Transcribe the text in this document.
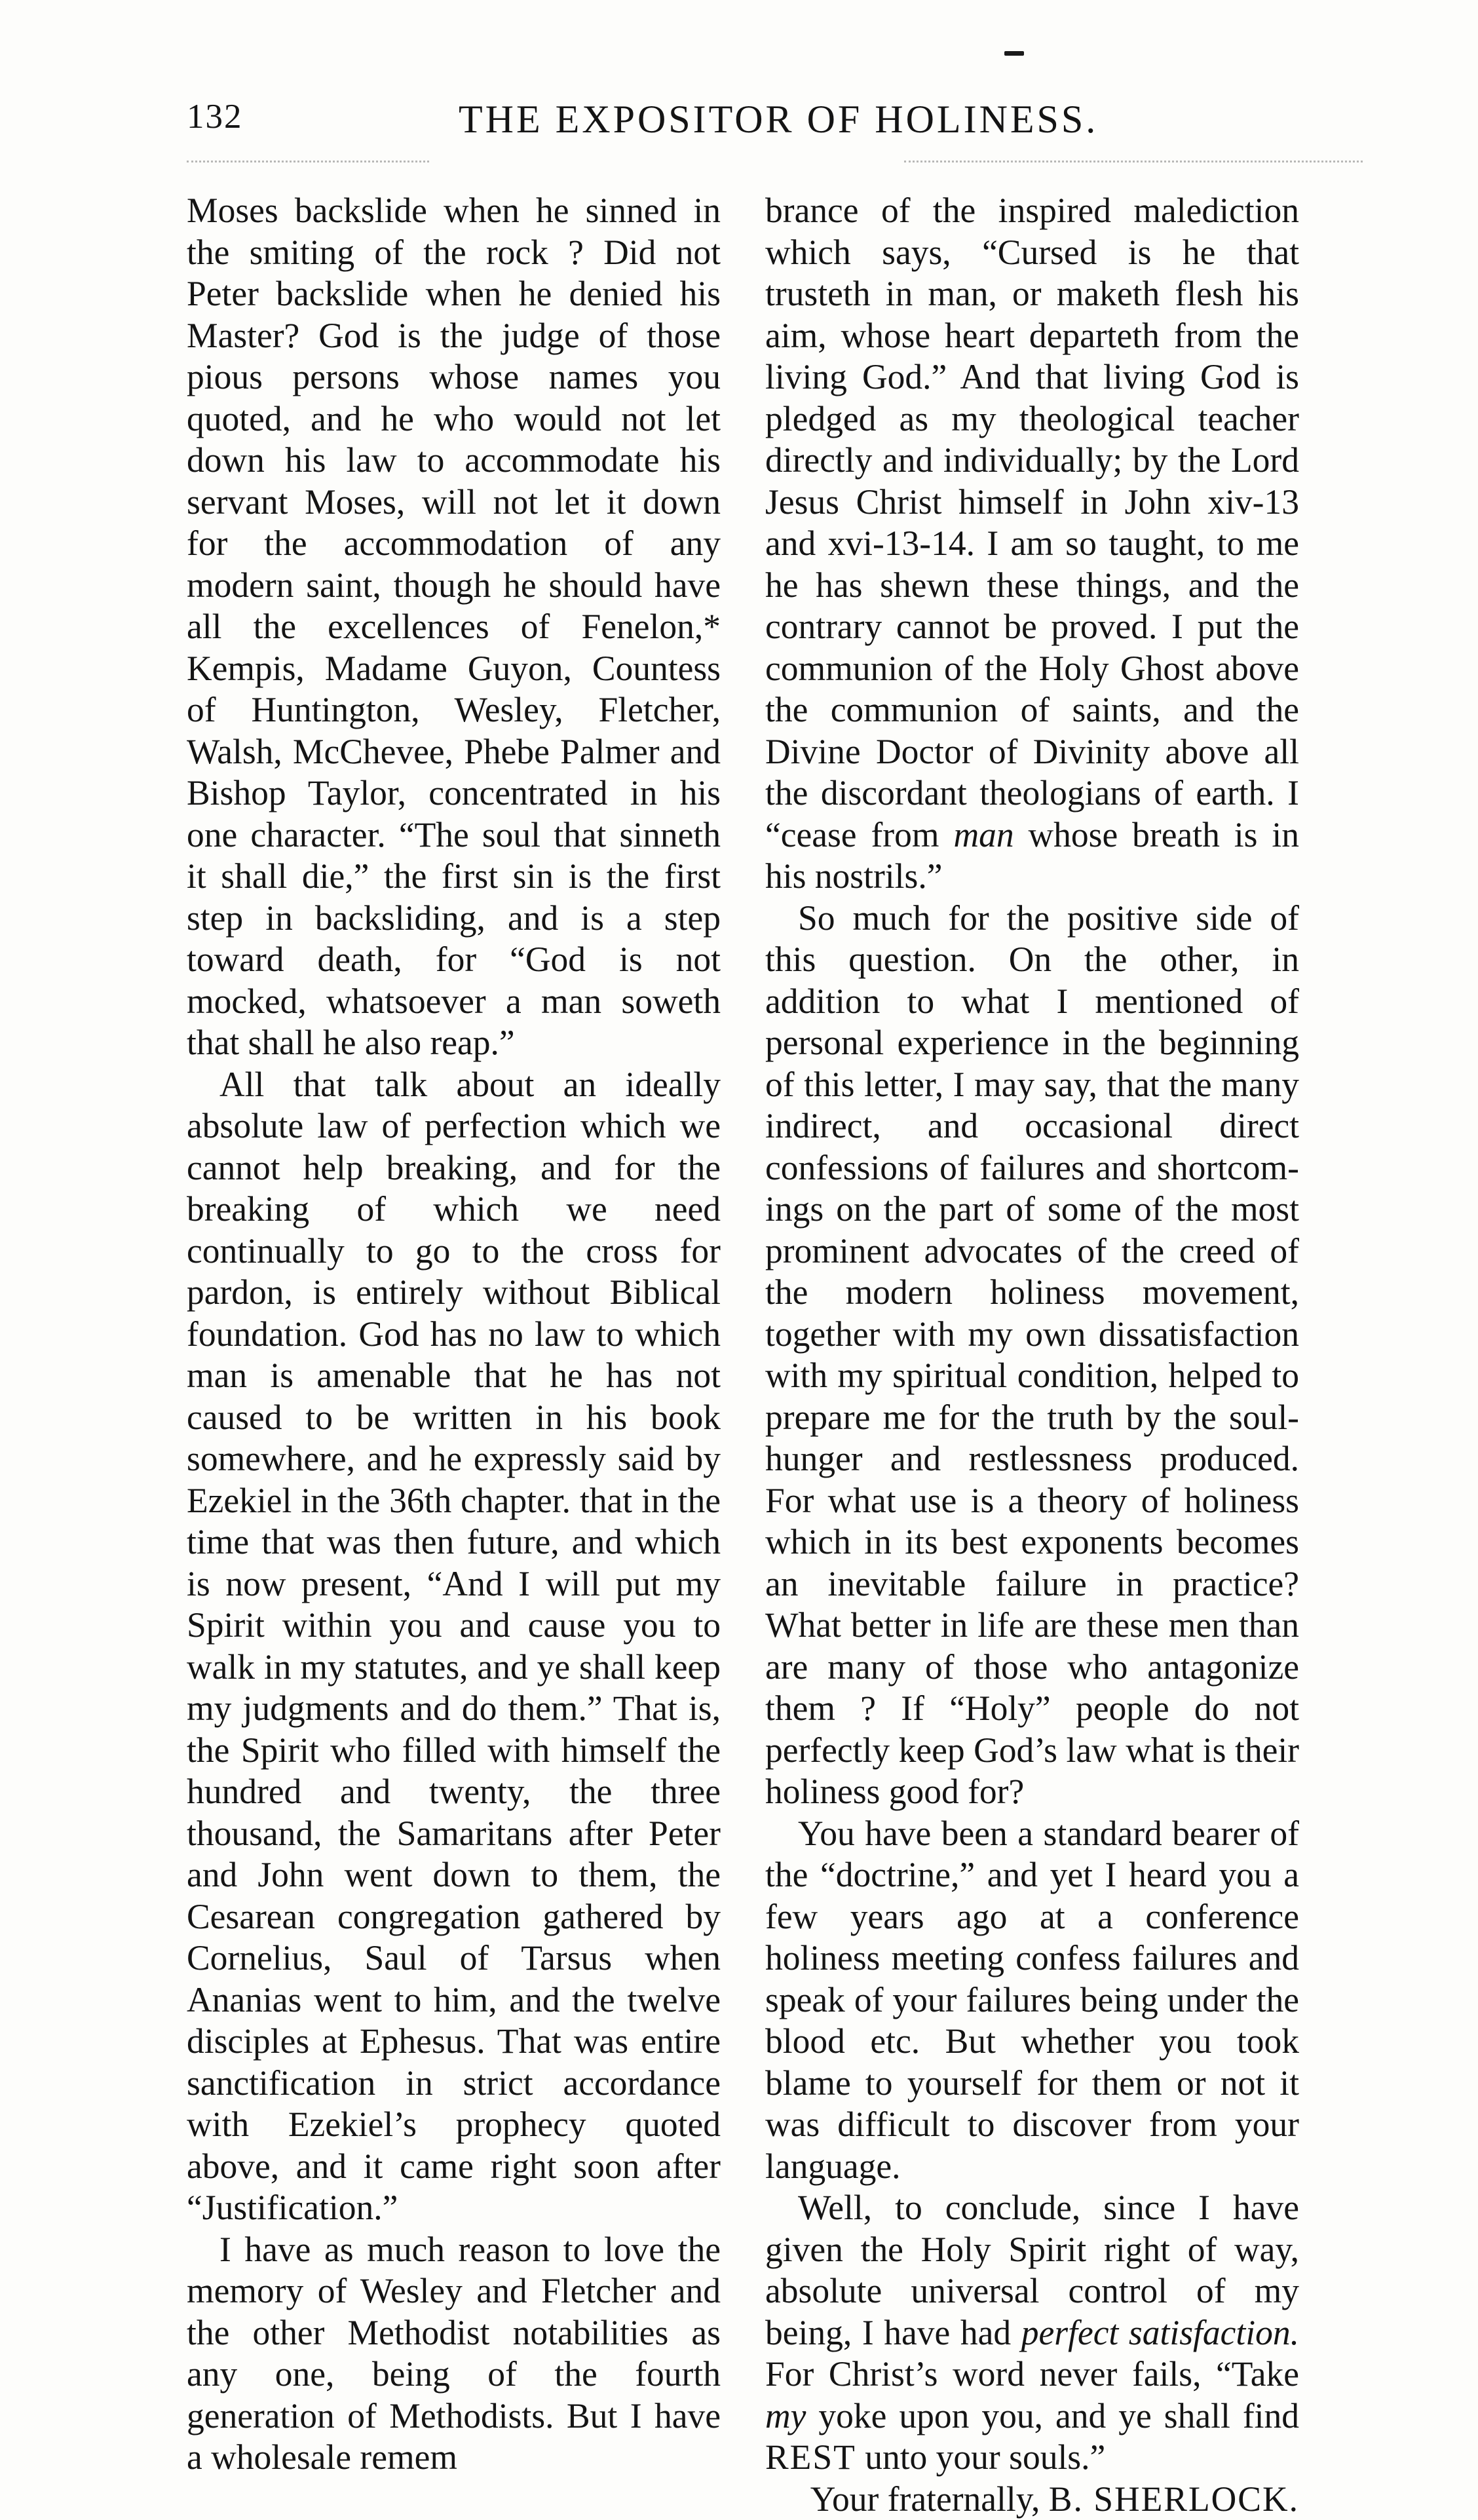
132	THE EXPOSITOR OF HOLINESS.

Moses backslide when he sinned in the smiting of the rock ? Did not Peter backslide when he denied his Master? God is the judge of those pious persons whose names you quoted, and he who would not let down his law to accommodate his servant Moses, will not let it down for the accommodation of any modern saint, though he should have all the excellences of Fenelon,* Kempis, Madame Guyon, Countess of Huntington, Wesley, Fletcher, Walsh, McChevee, Phebe Palmer and Bishop Taylor, concentrated in his one character. “The soul that sinneth it shall die,” the first sin is the first step in backsliding, and is a step toward death, for “God is not mocked, whatsoever a man soweth that shall he also reap.”

All that talk about an ideally absolute law of perfection which we cannot help breaking, and for the breaking of which we need continually to go to the cross for pardon, is entirely without Biblical foundation. God has no law to which man is amenable that he has not caused to be written in his book somewhere, and he expressly said by Ezekiel in the 36th chapter. that in the time that was then future, and which is now present, “And I will put my Spirit within you and cause you to walk in my statutes, and ye shall keep my judgments and do them.” That is, the Spirit who filled with himself the hundred and twenty, the three thousand, the Samaritans after Peter and John went down to them, the Cesarean congregation gathered by Cornelius, Saul of Tarsus when Ananias went to him, and the twelve disciples at Ephesus. That was entire sanctification in strict accordance with Ezekiel’s prophecy quoted above, and it came right soon after “Justification.”

I have as much reason to love the memory of Wesley and Fletcher and the other Methodist notabilities as any one, being of the fourth generation of Methodists. But I have a wholesale remem

brance of the inspired malediction which says, “Cursed is he that trusteth in man, or maketh flesh his aim, whose heart departeth from the living God.” And that living God is pledged as my theological teacher directly and individually; by the Lord Jesus Christ himself in John xiv-13 and xvi-13-14. I am so taught, to me he has shewn these things, and the contrary cannot be proved. I put the communion of the Holy Ghost above the communion of saints, and the Divine Doctor of Divinity above all the discordant theologians of earth. I “cease from man whose breath is in his nostrils.”

So much for the positive side of this question. On the other, in addition to what I mentioned of personal experience in the beginning of this letter, I may say, that the many indirect, and occasional direct confessions of failures and shortcomings on the part of some of the most prominent advocates of the creed of the modern holiness movement, together with my own dissatisfaction with my spiritual condition, helped to prepare me for the truth by the soul-hunger and restlessness produced. For what use is a theory of holiness which in its best exponents becomes an inevitable failure in practice? What better in life are these men than are many of those who antagonize them ? If “Holy” people do not perfectly keep God’s law what is their holiness good for?

You have been a standard bearer of the “doctrine,” and yet I heard you a few years ago at a conference holiness meeting confess failures and speak of your failures being under the blood etc. But whether you took blame to yourself for them or not it was difficult to discover from your language.

Well, to conclude, since I have given the Holy Spirit right of way, absolute universal control of my being, I have had perfect satisfaction. For Christ’s word never fails, “Take my yoke upon you, and ye shall find REST unto your souls.”

Your fraternally, B. SHERLOCK.
